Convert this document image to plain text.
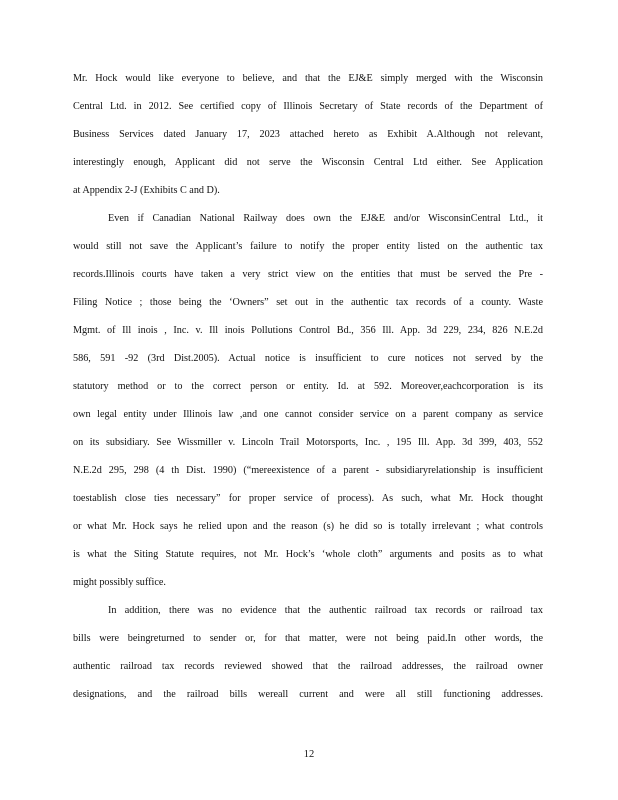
Mr. Hock would like everyone to believe, and that the EJ&E simply merged with the Wisconsin
Central Ltd. in 2012. See certified copy of Illinois Secretary of State records of the Department of
Business Services dated January 17, 2023 attached hereto as Exhibit A.Although not relevant,
interestingly enough, Applicant did not serve the Wisconsin Central Ltd either. See Application
at Appendix 2-J (Exhibits C and D).
Even if Canadian National Railway does own the EJ&E and/or WisconsinCentral Ltd., it
would still not save the Applicant’s failure to notify the proper entity listed on the authentic tax
records.Illinois courts have taken a very strict view on the entities that must be served the Pre -
Filing Notice ; those being the ‘Owners” set out in the authentic tax records of a county. Waste
Mgmt. of Ill inois , Inc. v. Ill inois Pollutions Control Bd., 356 Ill. App. 3d 229, 234, 826 N.E.2d
586, 591 -92 (3rd Dist.2005). Actual notice is insufficient to cure notices not served by the
statutory method or to the correct person or entity. Id. at 592. Moreover,eachcorporation is its
own legal entity under Illinois law ,and one cannot consider service on a parent company as service
on its subsidiary. See Wissmiller v. Lincoln Trail Motorsports, Inc. , 195 Ill. App. 3d 399, 403, 552
N.E.2d 295, 298 (4 th Dist. 1990) (“mereexistence of a parent - subsidiaryrelationship is insufficient
toestablish close ties necessary” for proper service of process). As such, what Mr. Hock thought
or what Mr. Hock says he relied upon and the reason (s) he did so is totally irrelevant ; what controls
is what the Siting Statute requires, not Mr. Hock’s ‘whole cloth” arguments and posits as to what
might possibly suffice.
In addition, there was no evidence that the authentic railroad tax records or railroad tax
bills were beingreturned to sender or, for that matter, were not being paid.In other words, the
authentic railroad tax records reviewed showed that the railroad addresses, the railroad owner
designations, and the railroad bills wereall current and were all still functioning addresses.
12
